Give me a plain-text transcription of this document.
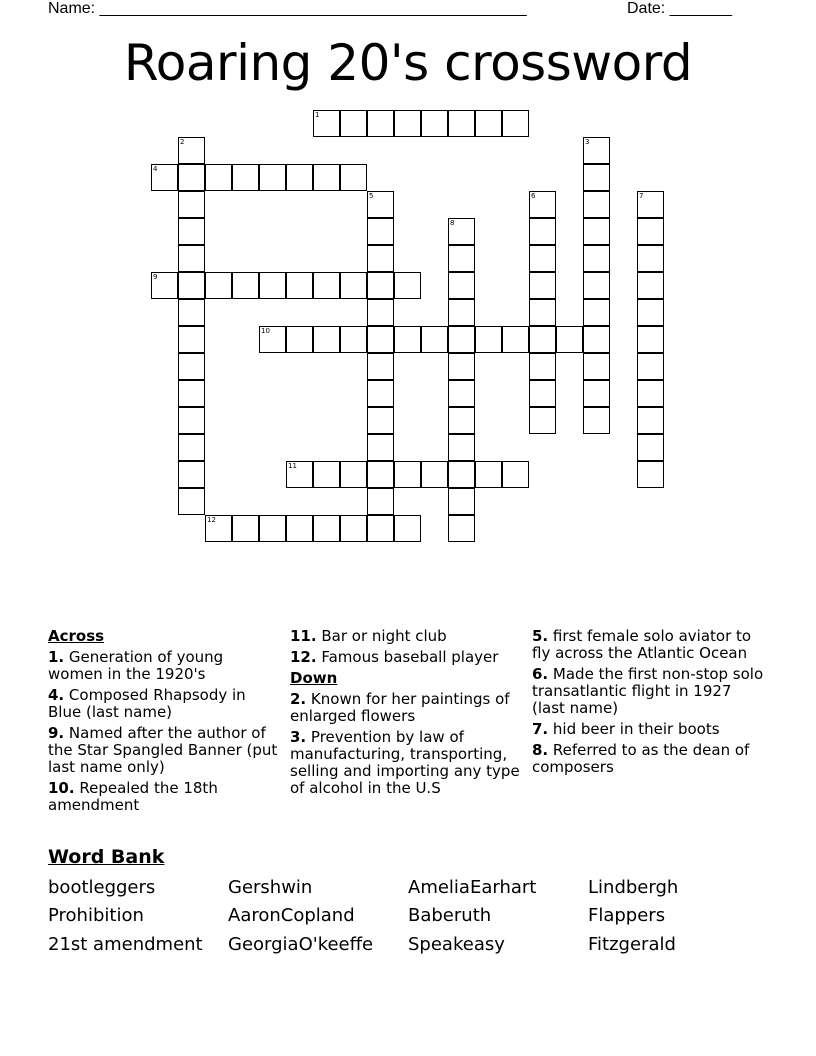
Name: ________________________________________________	Date: _______
Roaring 20's crossword
1
2	3
4
5	6	7
8
9
10
11
12
Across
1. Generation of young women in the 1920's
4. Composed Rhapsody in Blue (last name)
9. Named after the author of the Star Spangled Banner (put last name only)
10. Repealed the 18th amendment
11. Bar or night club
12. Famous baseball player
Down
2. Known for her paintings of enlarged flowers
3. Prevention by law of manufacturing, transporting, selling and importing any type of alcohol in the U.S
5. first female solo aviator to fly across the Atlantic Ocean
6. Made the first non-stop solo transatlantic flight in 1927 (last name)
7. hid beer in their boots
8. Referred to as the dean of composers
Word Bank
bootleggers	Gershwin	AmeliaEarhart	Lindbergh
Prohibition	AaronCopland	Baberuth	Flappers
21st amendment	GeorgiaO'keeffe	Speakeasy	Fitzgerald
